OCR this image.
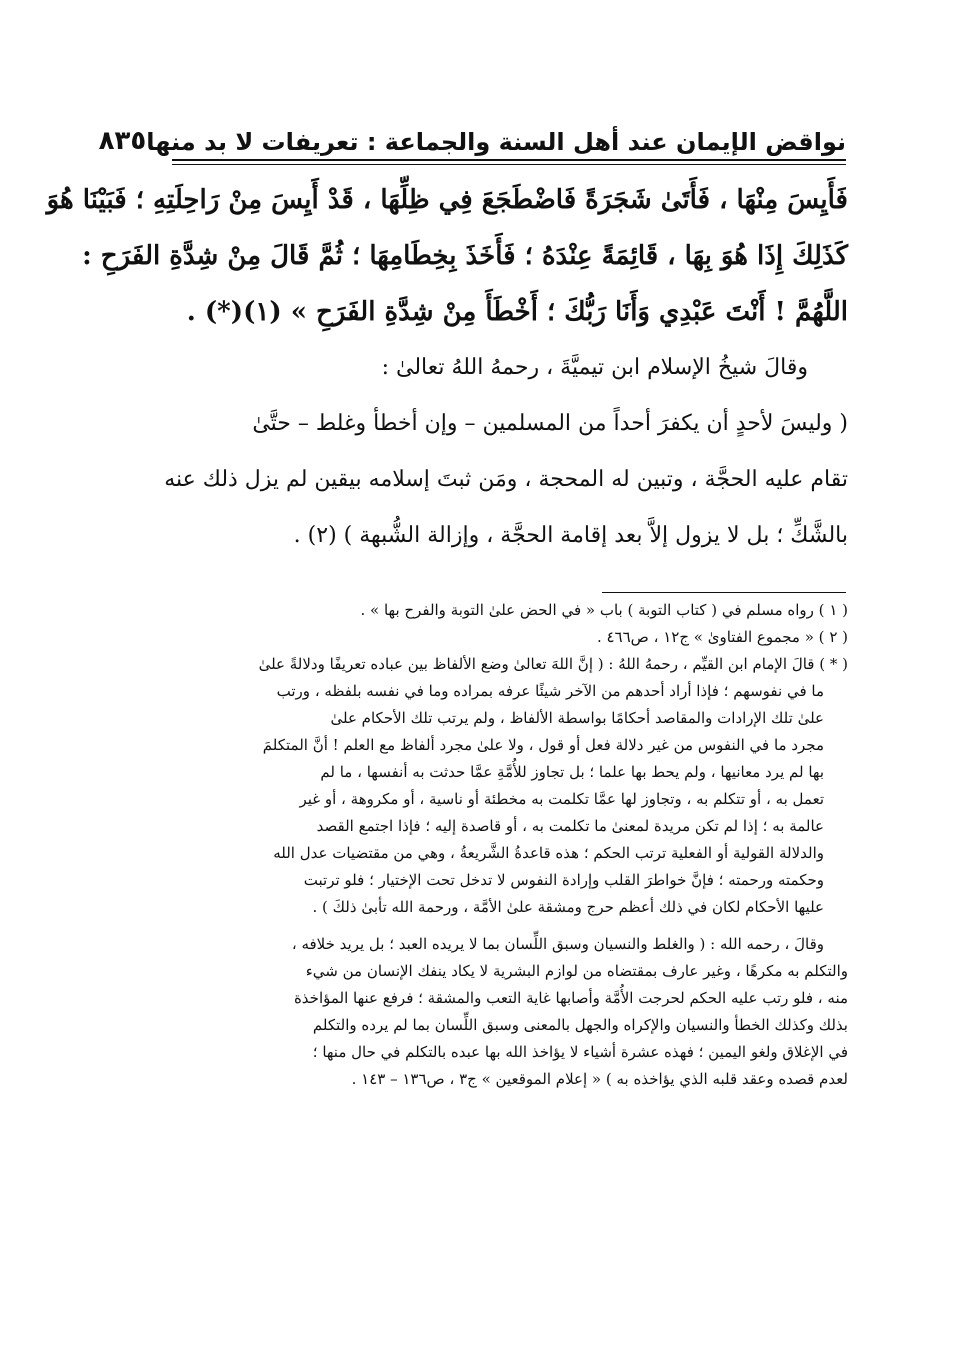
نواقض الإيمان عند أهل السنة والجماعة : تعريفات لا بد منها
٨٣٥
فَأَيِسَ مِنْهَا ، فَأَتَىٰ شَجَرَةً فَاضْطَجَعَ فِي ظِلِّهَا ، قَدْ أَيِسَ مِنْ رَاحِلَتِهِ ؛ فَبَيْنَا هُوَ
كَذَلِكَ إِذَا هُوَ بِهَا ، قَائِمَةً عِنْدَهُ ؛ فَأَخَذَ بِخِطَامِهَا ؛ ثُمَّ قَالَ مِنْ شِدَّةِ الفَرَحِ :
اللَّهُمَّ ! أَنْتَ عَبْدِي وَأَنَا رَبُّكَ ؛ أَخْطَأَ مِنْ شِدَّةِ الفَرَحِ » (١)(*) .
وقالَ شيخُ الإسلام ابن تيميَّةَ ، رحمهُ اللهُ تعالىٰ :
( وليسَ لأحدٍ أن يكفرَ أحداً من المسلمين – وإن أخطأ وغلط – حتَّىٰ
تقام عليه الحجَّة ، وتبين له المحجة ، ومَن ثبتَ إسلامه بيقين لم يزل ذلك عنه
بالشَّكِّ ؛ بل لا يزول إلاَّ بعد إقامة الحجَّة ، وإزالة الشُّبهة ) (٢) .
( ١ ) رواه مسلم في ( كتاب التوبة ) باب « في الحض علىٰ التوبة والفرح بها » .
( ٢ ) « مجموع الفتاوىٰ » ج١٢ ، ص٤٦٦ .
( * ) قالَ الإمام ابن القيِّم ، رحمهُ اللهُ : ( إنَّ اللهَ تعالىٰ وضع الألفاظ بين عباده تعريفًا ودلالةً علىٰ
ما في نفوسهم ؛ فإذا أراد أحدهم من الآخر شيئًا عرفه بمراده وما في نفسه بلفظه ، ورتب
علىٰ تلك الإرادات والمقاصد أحكامًا بواسطة الألفاظ ، ولم يرتب تلك الأحكام علىٰ
مجرد ما في النفوس من غير دلالة فعل أو قول ، ولا علىٰ مجرد ألفاظ مع العلم ! أنَّ المتكلمَ
بها لم يرد معانيها ، ولم يحط بها علما ؛ بل تجاوز للأُمَّةِ عمَّا حدثت به أنفسها ، ما لم
تعمل به ، أو تتكلم به ، وتجاوز لها عمَّا تكلمت به مخطئة أو ناسية ، أو مكروهة ، أو غير
عالمة به ؛ إذا لم تكن مريدة لمعنىٰ ما تكلمت به ، أو قاصدة إليه ؛ فإذا اجتمع القصد
والدلالة القولية أو الفعلية ترتب الحكم ؛ هذه قاعدةُ الشَّريعةُ ، وهي من مقتضيات عدل الله
وحكمته ورحمته ؛ فإنَّ خواطرَ القلب وإرادة النفوس لا تدخل تحت الإختيار ؛ فلو ترتبت
عليها الأحكام لكان في ذلك أعظم حرج ومشقة علىٰ الأمَّة ، ورحمة الله تأبىٰ ذلكَ ) .
وقالَ ، رحمه الله : ( والغلط والنسيان وسبق اللِّسان بما لا يريده العبد ؛ بل يريد خلافه ،
والتكلم به مكرهًا ، وغير عارف بمقتضاه من لوازم البشرية لا يكاد ينفك الإنسان من شيء
منه ، فلو رتب عليه الحكم لحرجت الأُمَّة وأصابها غاية التعب والمشقة ؛ فرفع عنها المؤاخذة
بذلك وكذلك الخطأ والنسيان والإكراه والجهل بالمعنى وسبق اللِّسان بما لم يرده والتكلم
في الإغلاق ولغو اليمين ؛ فهذه عشرة أشياء لا يؤاخذ الله بها عبده بالتكلم في حال منها ؛
لعدم قصده وعقد قلبه الذي يؤاخذه به ) « إعلام الموقعين » ج٣ ، ص١٣٦ – ١٤٣ .
